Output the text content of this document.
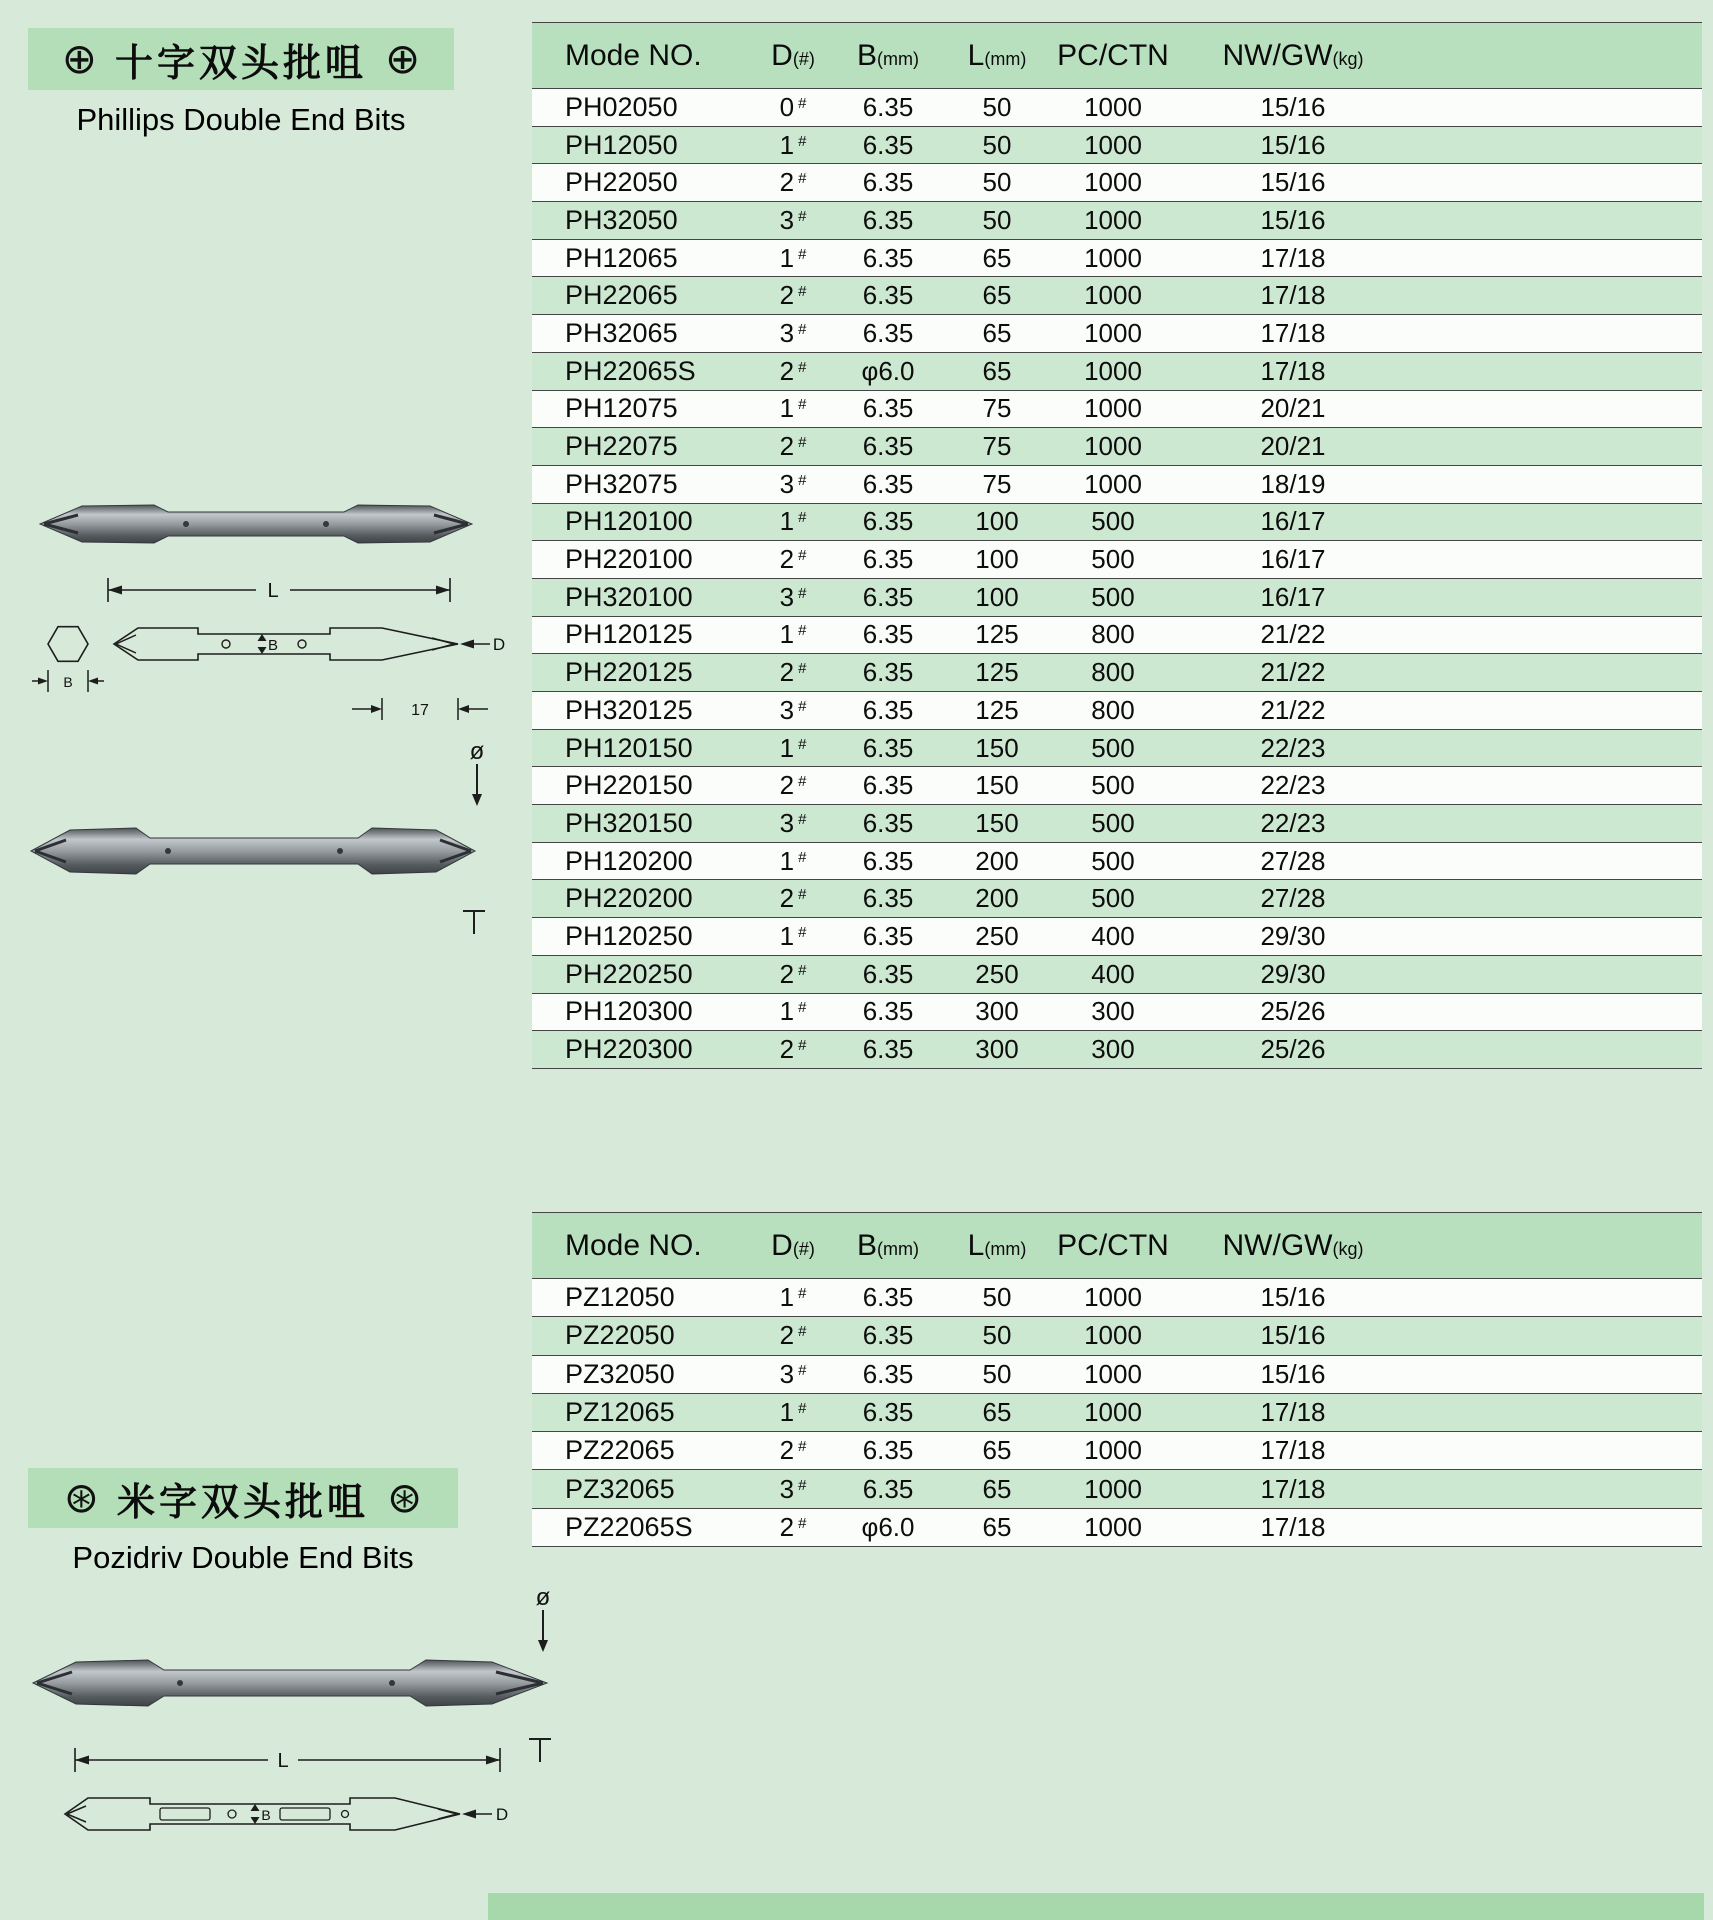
⊕ 十字双头批咀 ⊕
Phillips Double End Bits
L
B	D
B
17
ø
Mode NO.	D(#)	B(mm)	L(mm)	PC/CTN	NW/GW(kg)	
PH02050	0 #	6.35	50	1000	15/16	
PH12050	1 #	6.35	50	1000	15/16	
PH22050	2 #	6.35	50	1000	15/16	
PH32050	3 #	6.35	50	1000	15/16	
PH12065	1 #	6.35	65	1000	17/18	
PH22065	2 #	6.35	65	1000	17/18	
PH32065	3 #	6.35	65	1000	17/18	
PH22065S	2 #	φ6.0	65	1000	17/18	
PH12075	1 #	6.35	75	1000	20/21	
PH22075	2 #	6.35	75	1000	20/21	
PH32075	3 #	6.35	75	1000	18/19	
PH120100	1 #	6.35	100	500	16/17	
PH220100	2 #	6.35	100	500	16/17	
PH320100	3 #	6.35	100	500	16/17	
PH120125	1 #	6.35	125	800	21/22	
PH220125	2 #	6.35	125	800	21/22	
PH320125	3 #	6.35	125	800	21/22	
PH120150	1 #	6.35	150	500	22/23	
PH220150	2 #	6.35	150	500	22/23	
PH320150	3 #	6.35	150	500	22/23	
PH120200	1 #	6.35	200	500	27/28	
PH220200	2 #	6.35	200	500	27/28	
PH120250	1 #	6.35	250	400	29/30	
PH220250	2 #	6.35	250	400	29/30	
PH120300	1 #	6.35	300	300	25/26	
PH220300	2 #	6.35	300	300	25/26	
⊛ 米字双头批咀 ⊛
Pozidriv Double End Bits
ø
L
B	D
Mode NO.	D(#)	B(mm)	L(mm)	PC/CTN	NW/GW(kg)	
PZ12050	1 #	6.35	50	1000	15/16	
PZ22050	2 #	6.35	50	1000	15/16	
PZ32050	3 #	6.35	50	1000	15/16	
PZ12065	1 #	6.35	65	1000	17/18	
PZ22065	2 #	6.35	65	1000	17/18	
PZ32065	3 #	6.35	65	1000	17/18	
PZ22065S	2 #	φ6.0	65	1000	17/18	
